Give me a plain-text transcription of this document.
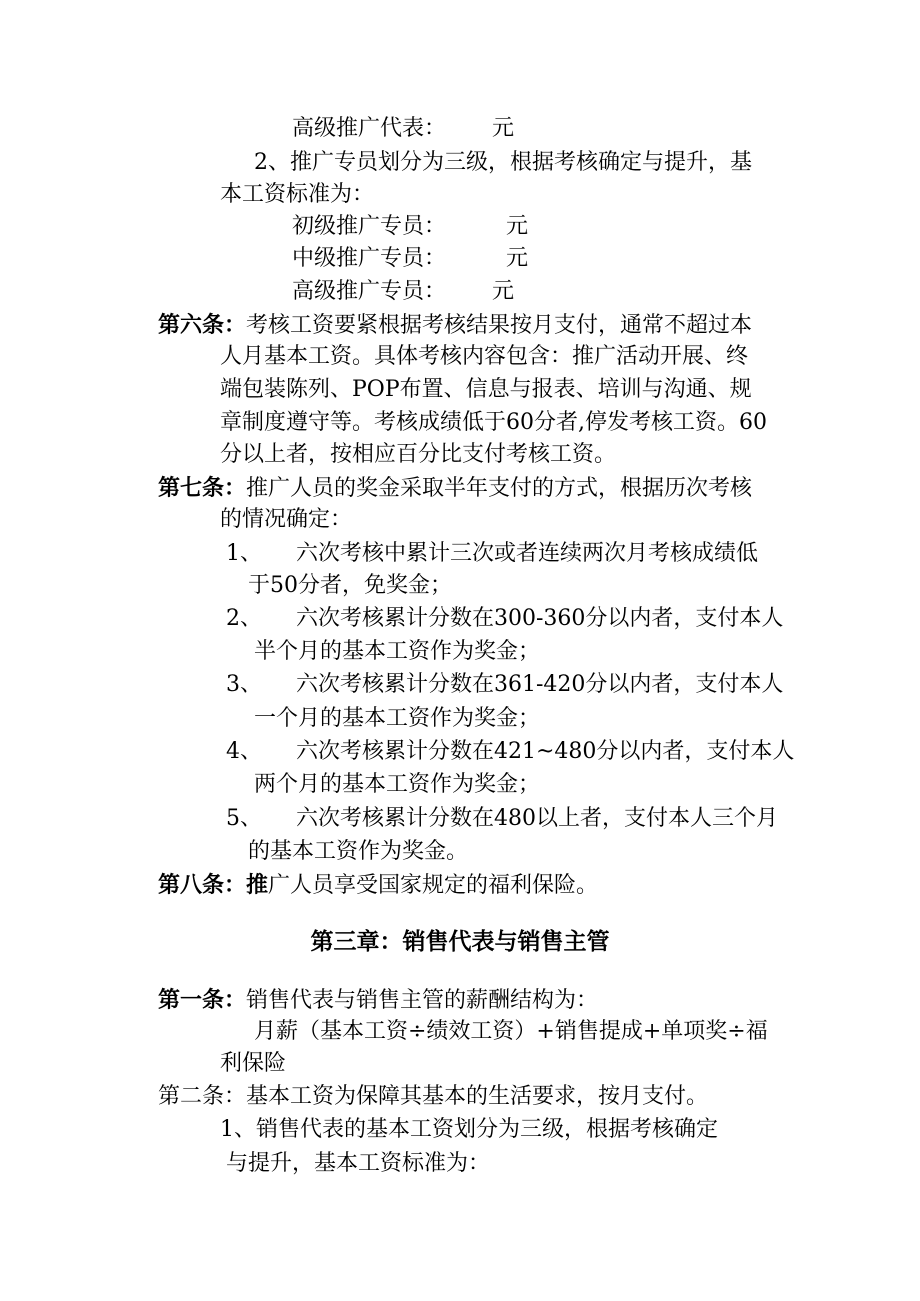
高级推广代表： 元
2、推广专员划分为三级，根据考核确定与提升，基
本工资标准为：
初级推广专员：	元
中级推广专员：	元
高级推广专员： 元
第六条：考核工资要紧根据考核结果按月支付，通常不超过本
人月基本工资。具体考核内容包含：推广活动开展、终
端包装陈列、POP布置、信息与报表、培训与沟通、规
章制度遵守等。考核成绩低于60分者,停发考核工资。60
分以上者，按相应百分比支付考核工资。
第七条：推广人员的奖金采取半年支付的方式，根据历次考核
的情况确定：
1、 六次考核中累计三次或者连续两次月考核成绩低
于50分者，免奖金；
2、 六次考核累计分数在300-360分以内者，支付本人
半个月的基本工资作为奖金；
3、 六次考核累计分数在361-420分以内者，支付本人
一个月的基本工资作为奖金；
4、 六次考核累计分数在421~480分以内者，支付本人
两个月的基本工资作为奖金；
5、 六次考核累计分数在480以上者，支付本人三个月
的基本工资作为奖金。
第八条：推广人员享受国家规定的福利保险。
第三章：销售代表与销售主管
第一条：销售代表与销售主管的薪酬结构为：
月薪（基本工资÷绩效工资）+销售提成+单项奖÷福
利保险
第二条：基本工资为保障其基本的生活要求，按月支付。
1、销售代表的基本工资划分为三级，根据考核确定
与提升，基本工资标准为：
